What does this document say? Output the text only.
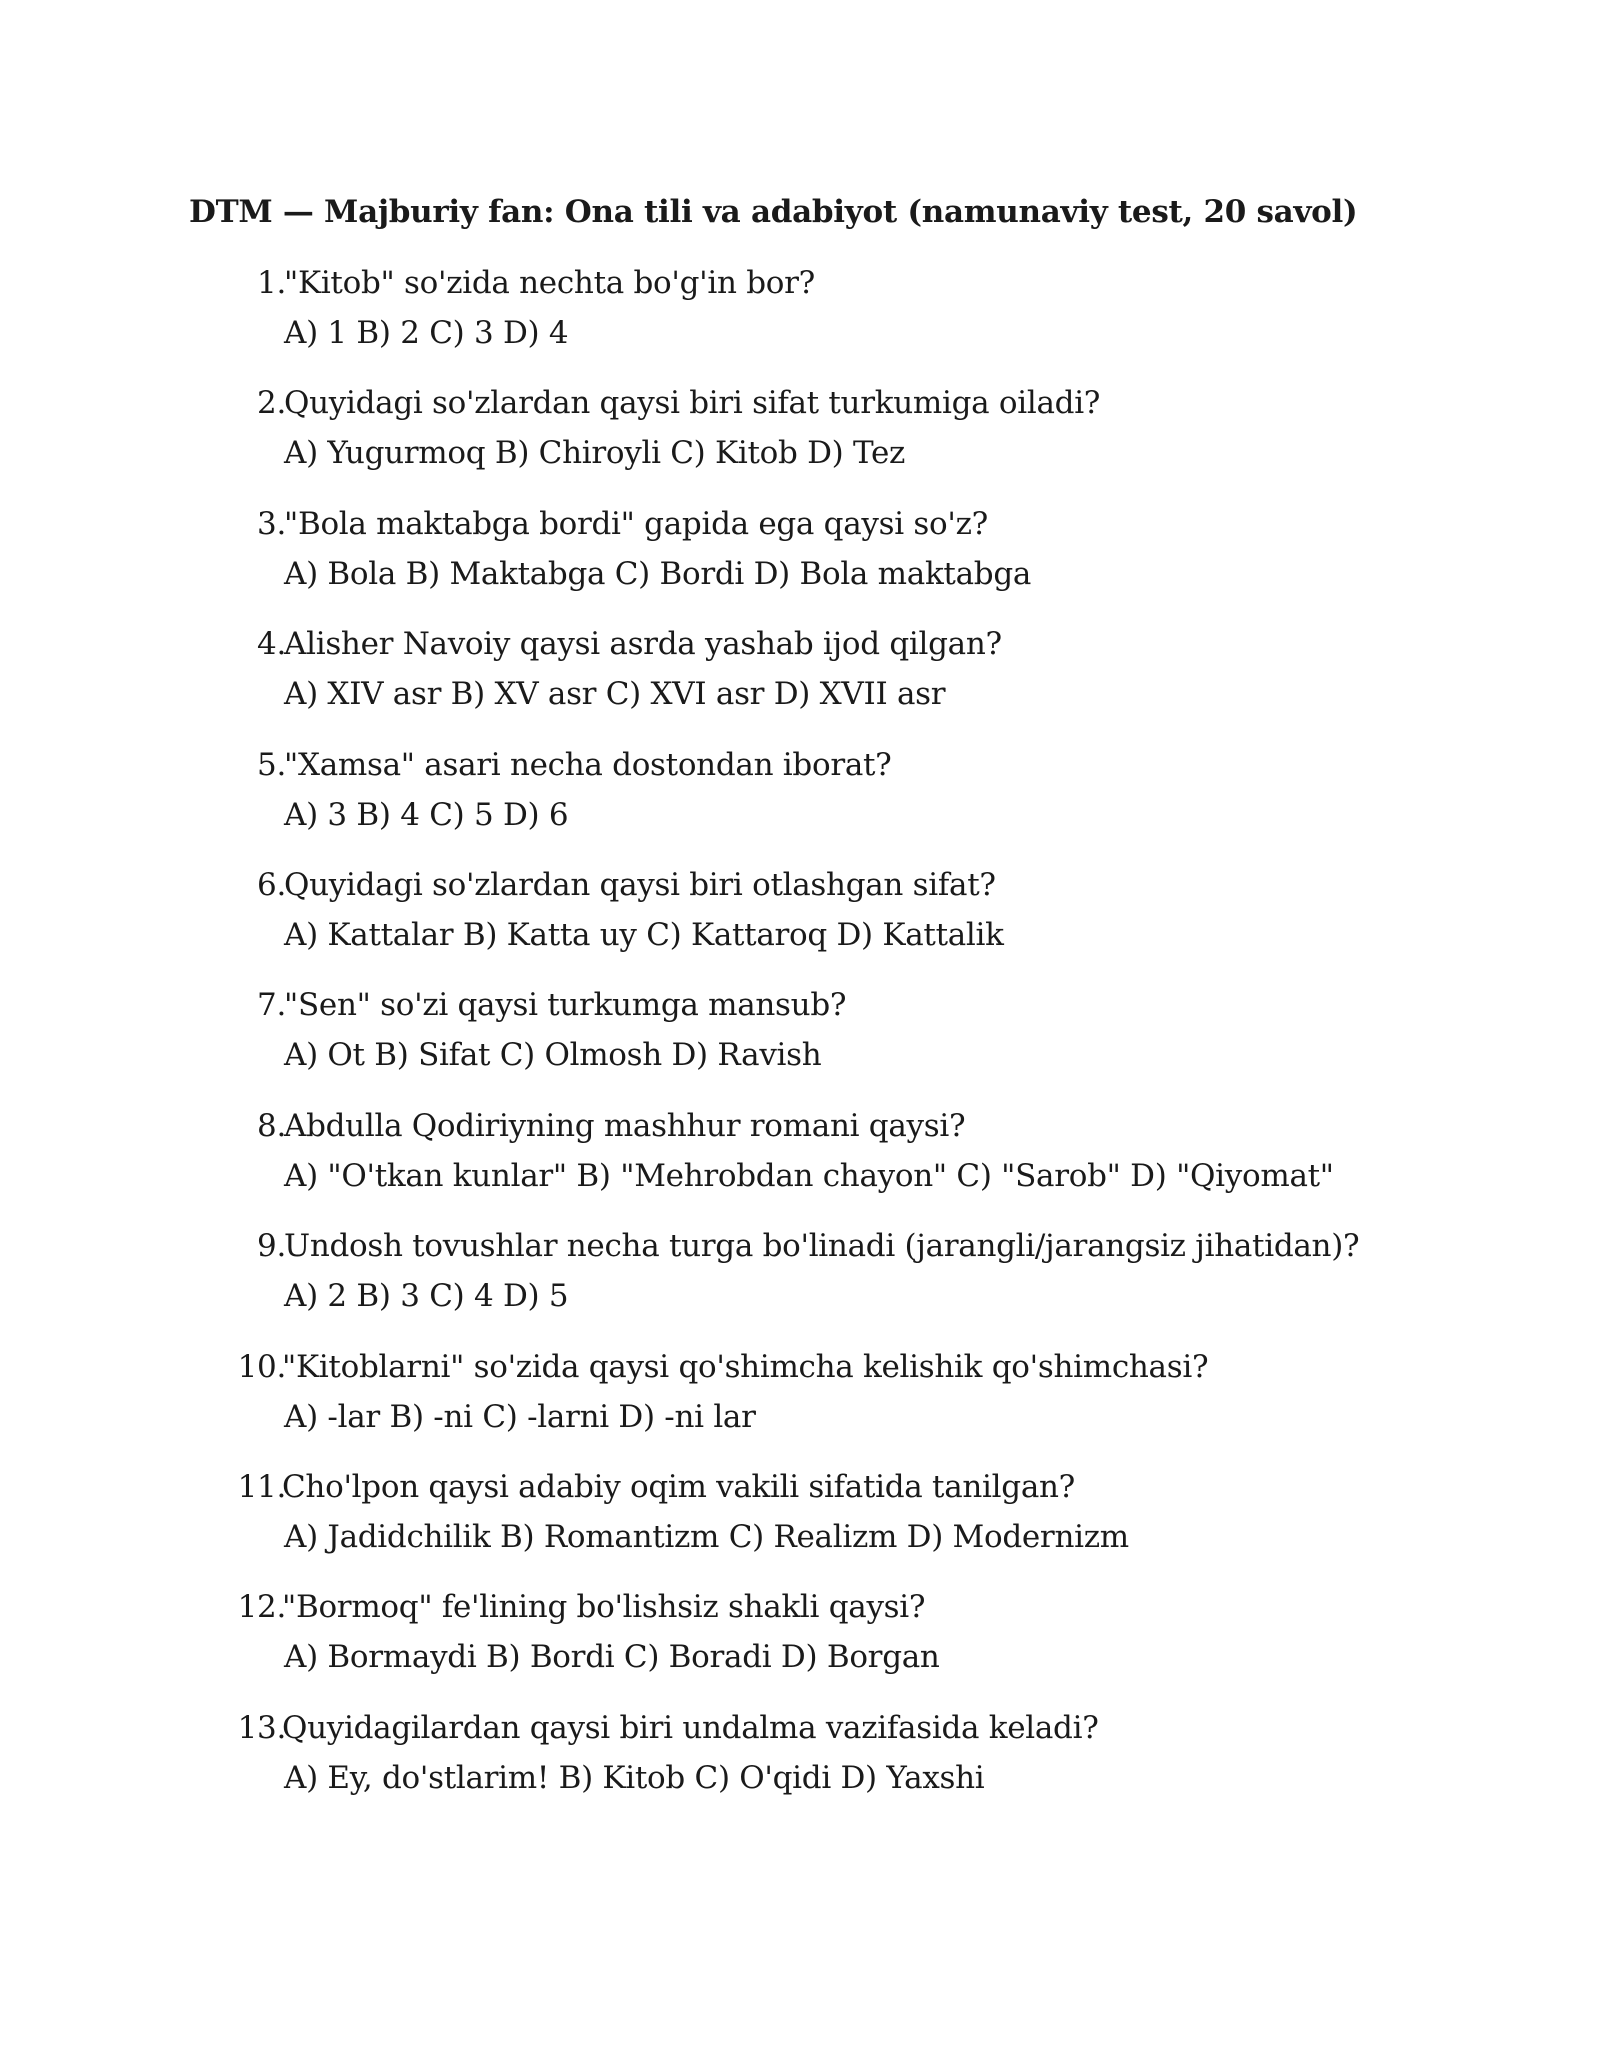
DTM — Majburiy fan: Ona tili va adabiyot (namunaviy test, 20 savol)
1.
"Kitob" so'zida nechta bo'g'in bor?
A) 1 B) 2 C) 3 D) 4
2.
Quyidagi so'zlardan qaysi biri sifat turkumiga oiladi?
A) Yugurmoq B) Chiroyli C) Kitob D) Tez
3.
"Bola maktabga bordi" gapida ega qaysi so'z?
A) Bola B) Maktabga C) Bordi D) Bola maktabga
4.
Alisher Navoiy qaysi asrda yashab ijod qilgan?
A) XIV asr B) XV asr C) XVI asr D) XVII asr
5.
"Xamsa" asari necha dostondan iborat?
A) 3 B) 4 C) 5 D) 6
6.
Quyidagi so'zlardan qaysi biri otlashgan sifat?
A) Kattalar B) Katta uy C) Kattaroq D) Kattalik
7.
"Sen" so'zi qaysi turkumga mansub?
A) Ot B) Sifat C) Olmosh D) Ravish
8.
Abdulla Qodiriyning mashhur romani qaysi?
A) "O'tkan kunlar" B) "Mehrobdan chayon" C) "Sarob" D) "Qiyomat"
9.
Undosh tovushlar necha turga bo'linadi (jarangli/jarangsiz jihatidan)?
A) 2 B) 3 C) 4 D) 5
10.
"Kitoblarni" so'zida qaysi qo'shimcha kelishik qo'shimchasi?
A) -lar B) -ni C) -larni D) -ni lar
11.
Cho'lpon qaysi adabiy oqim vakili sifatida tanilgan?
A) Jadidchilik B) Romantizm C) Realizm D) Modernizm
12.
"Bormoq" fe'lining bo'lishsiz shakli qaysi?
A) Bormaydi B) Bordi C) Boradi D) Borgan
13.
Quyidagilardan qaysi biri undalma vazifasida keladi?
A) Ey, do'stlarim! B) Kitob C) O'qidi D) Yaxshi
